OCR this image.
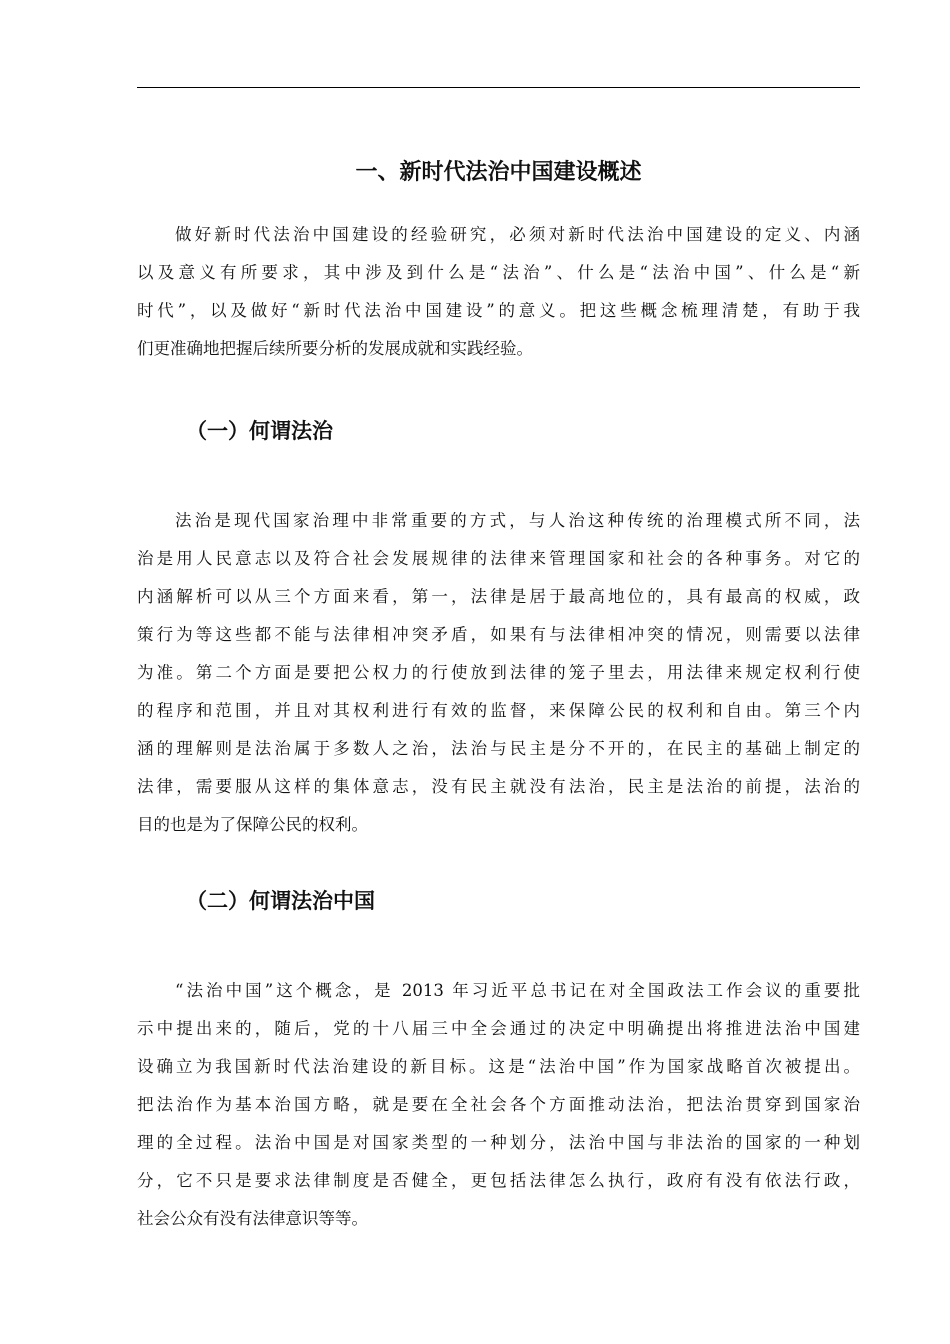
一、新时代法治中国建设概述
做好新时代法治中国建设的经验研究，必须对新时代法治中国建设的定义、内涵
以及意义有所要求，其中涉及到什么是“法治”、什么是“法治中国”、什么是“新
时代”，以及做好“新时代法治中国建设”的意义。把这些概念梳理清楚，有助于我
们更准确地把握后续所要分析的发展成就和实践经验。
（一）何谓法治
法治是现代国家治理中非常重要的方式，与人治这种传统的治理模式所不同，法
治是用人民意志以及符合社会发展规律的法律来管理国家和社会的各种事务。对它的
内涵解析可以从三个方面来看，第一，法律是居于最高地位的，具有最高的权威，政
策行为等这些都不能与法律相冲突矛盾，如果有与法律相冲突的情况，则需要以法律
为准。第二个方面是要把公权力的行使放到法律的笼子里去，用法律来规定权利行使
的程序和范围，并且对其权利进行有效的监督，来保障公民的权利和自由。第三个内
涵的理解则是法治属于多数人之治，法治与民主是分不开的，在民主的基础上制定的
法律，需要服从这样的集体意志，没有民主就没有法治，民主是法治的前提，法治的
目的也是为了保障公民的权利。
（二）何谓法治中国
“法治中国”这个概念，是 2013 年习近平总书记在对全国政法工作会议的重要批
示中提出来的，随后，党的十八届三中全会通过的决定中明确提出将推进法治中国建
设确立为我国新时代法治建设的新目标。这是“法治中国”作为国家战略首次被提出。
把法治作为基本治国方略，就是要在全社会各个方面推动法治，把法治贯穿到国家治
理的全过程。法治中国是对国家类型的一种划分，法治中国与非法治的国家的一种划
分，它不只是要求法律制度是否健全，更包括法律怎么执行，政府有没有依法行政，
社会公众有没有法律意识等等。
